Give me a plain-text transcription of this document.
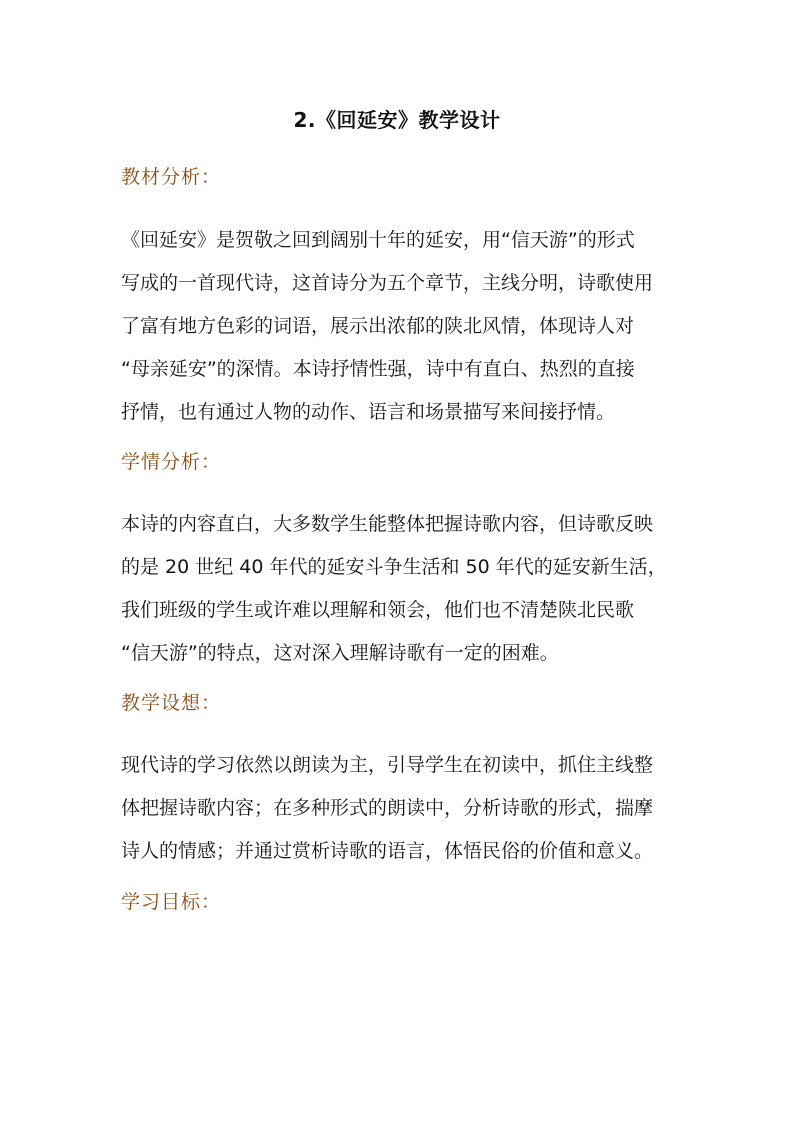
2.《回延安》教学设计
教材分析：
《回延安》是贺敬之回到阔别十年的延安，用“信天游”的形式
写成的一首现代诗，这首诗分为五个章节，主线分明，诗歌使用
了富有地方色彩的词语，展示出浓郁的陕北风情，体现诗人对
“母亲延安”的深情。本诗抒情性强，诗中有直白、热烈的直接
抒情，也有通过人物的动作、语言和场景描写来间接抒情。
学情分析：
本诗的内容直白，大多数学生能整体把握诗歌内容，但诗歌反映
的是 20 世纪 40 年代的延安斗争生活和 50 年代的延安新生活，
我们班级的学生或许难以理解和领会，他们也不清楚陕北民歌
“信天游”的特点，这对深入理解诗歌有一定的困难。
教学设想：
现代诗的学习依然以朗读为主，引导学生在初读中，抓住主线整
体把握诗歌内容；在多种形式的朗读中，分析诗歌的形式，揣摩
诗人的情感；并通过赏析诗歌的语言，体悟民俗的价值和意义。
学习目标：
